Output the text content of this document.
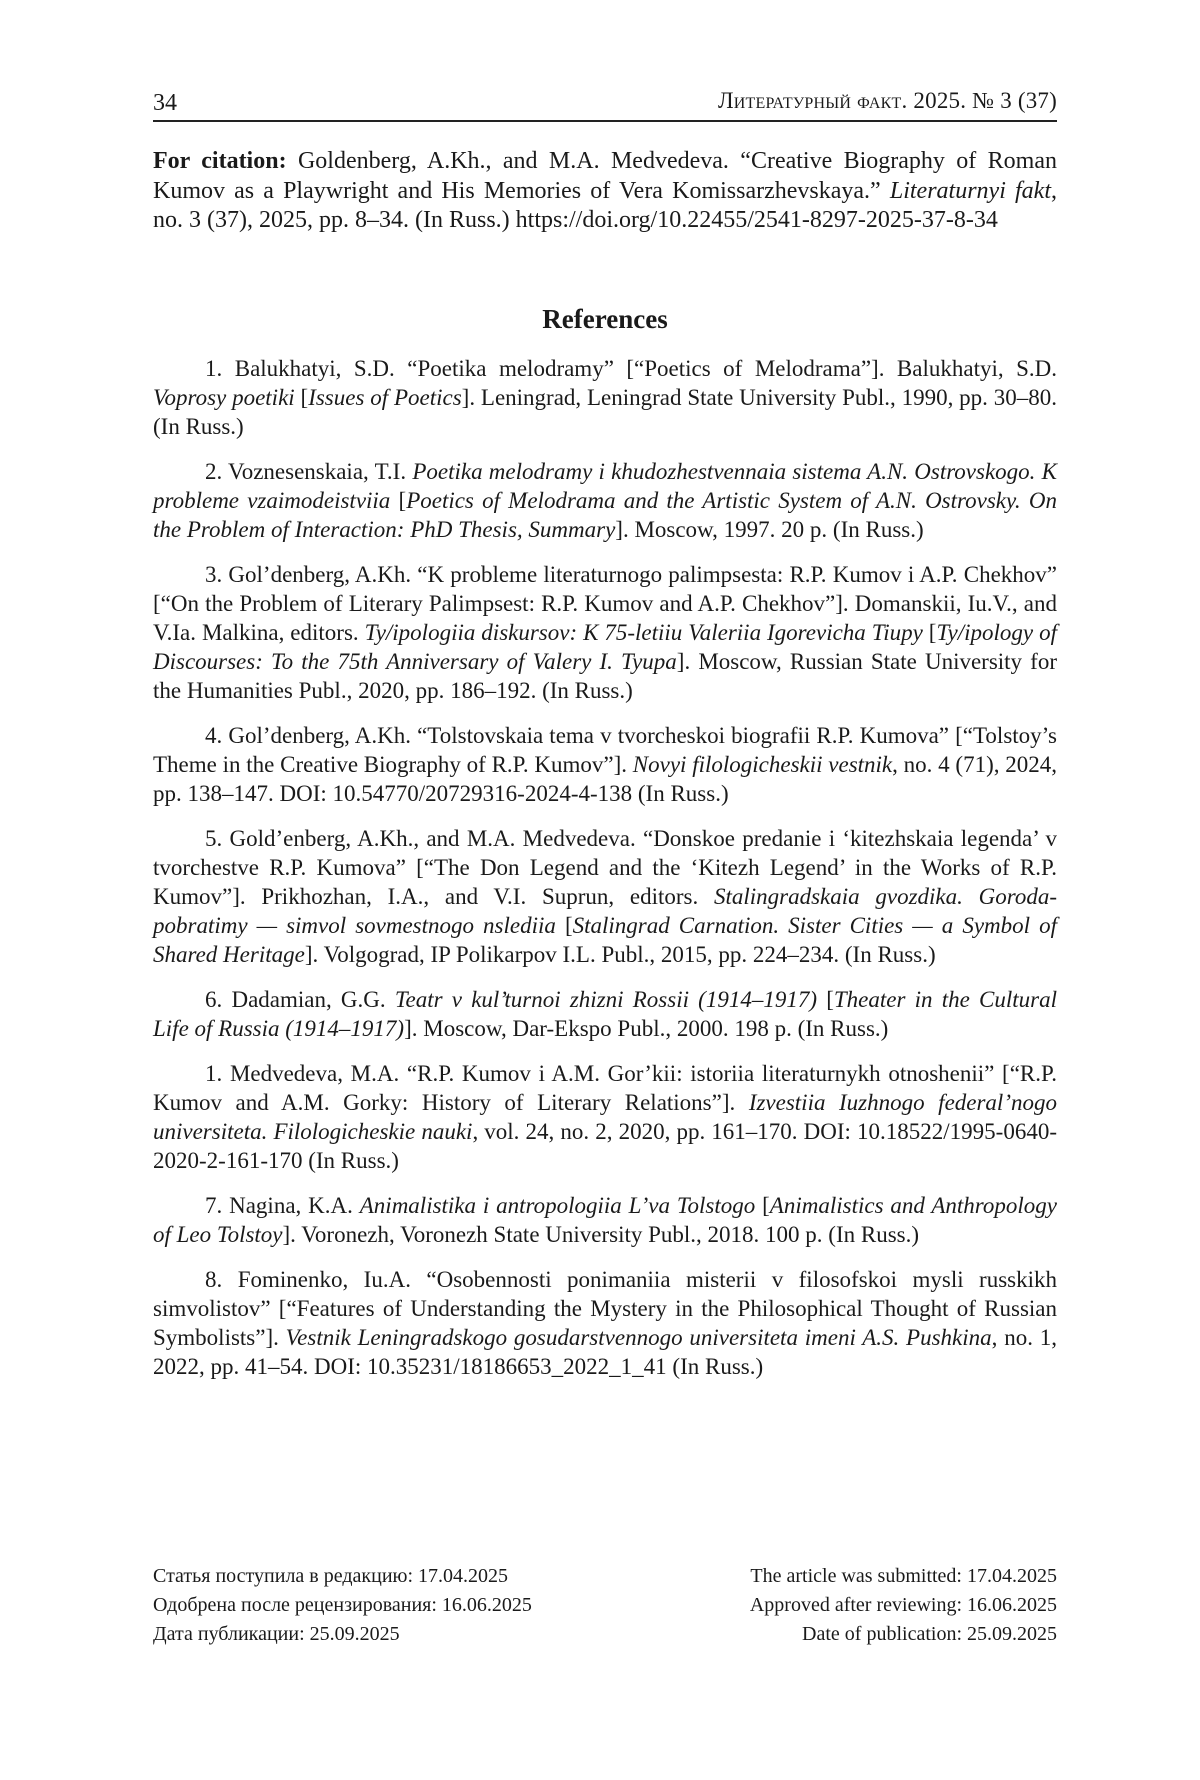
34	Литературный факт. 2025. № 3 (37)
For citation: Goldenberg, A.Kh., and M.A. Medvedeva. “Creative Biography of Roman Kumov as a Playwright and His Memories of Vera Komissarzhevskaya.” Literaturnyi fakt, no. 3 (37), 2025, pp. 8–34. (In Russ.) https://doi.org/10.22455/2541-8297-2025-37-8-34
References

1. Balukhatyi, S.D. “Poetika melodramy” [“Poetics of Melodrama”]. Balukhatyi, S.D. Voprosy poetiki [Issues of Poetics]. Leningrad, Leningrad State University Publ., 1990, pp. 30–80. (In Russ.)

2. Voznesenskaia, T.I. Poetika melodramy i khudozhestvennaia sistema A.N. Ostrovskogo. K probleme vzaimodeistviia [Poetics of Melodrama and the Artistic System of A.N. Ostrovsky. On the Problem of Interaction: PhD Thesis, Summary]. Moscow, 1997. 20 p. (In Russ.)

3. Gol’denberg, A.Kh. “K probleme literaturnogo palimpsesta: R.P. Kumov i A.P. Chekhov” [“On the Problem of Literary Palimpsest: R.P. Kumov and A.P. Chekhov”]. Domanskii, Iu.V., and V.Ia. Malkina, editors. Ty/ipologiia diskursov: K 75-letiiu Valeriia Igorevicha Tiupy [Ty/ipology of Discourses: To the 75th Anniversary of Valery I. Tyupa]. Moscow, Russian State University for the Humanities Publ., 2020, pp. 186–192. (In Russ.)

4. Gol’denberg, A.Kh. “Tolstovskaia tema v tvorcheskoi biografii R.P. Kumova” [“Tolstoy’s Theme in the Creative Biography of R.P. Kumov”]. Novyi filologicheskii vestnik, no. 4 (71), 2024, pp. 138–147. DOI: 10.54770/20729316-2024-4-138 (In Russ.)

5. Gold’enberg, A.Kh., and M.A. Medvedeva. “Donskoe predanie i ‘kitezhskaia legenda’ v tvorchestve R.P. Kumova” [“The Don Legend and the ‘Kitezh Legend’ in the Works of R.P. Kumov”]. Prikhozhan, I.A., and V.I. Suprun, editors. Stalingradskaia gvozdika. Goroda-pobratimy — simvol sovmestnogo nslediia [Stalingrad Carnation. Sister Cities — a Symbol of Shared Heritage]. Volgograd, IP Polikarpov I.L. Publ., 2015, pp. 224–234. (In Russ.)

6. Dadamian, G.G. Teatr v kul’turnoi zhizni Rossii (1914–1917) [Theater in the Cultural Life of Russia (1914–1917)]. Moscow, Dar-Ekspo Publ., 2000. 198 p. (In Russ.)

1. Medvedeva, M.A. “R.P. Kumov i A.M. Gor’kii: istoriia literaturnykh otnoshenii” [“R.P. Kumov and A.M. Gorky: History of Literary Relations”]. Izvestiia Iuzhnogo federal’nogo universiteta. Filologicheskie nauki, vol. 24, no. 2, 2020, pp. 161–170. DOI: 10.18522/1995-0640-2020-2-161-170 (In Russ.)

7. Nagina, K.A. Animalistika i antropologiia L’va Tolstogo [Animalistics and Anthropology of Leo Tolstoy]. Voronezh, Voronezh State University Publ., 2018. 100 p. (In Russ.)

8. Fominenko, Iu.A. “Osobennosti ponimaniia misterii v filosofskoi mysli russkikh simvolistov” [“Features of Understanding the Mystery in the Philosophical Thought of Russian Symbolists”]. Vestnik Leningradskogo gosudarstvennogo universiteta imeni A.S. Pushkina, no. 1, 2022, pp. 41–54. DOI: 10.35231/18186653_2022_1_41 (In Russ.)

Статья поступила в редакцию: 17.04.2025
Одобрена после рецензирования: 16.06.2025
Дата публикации: 25.09.2025
The article was submitted: 17.04.2025
Approved after reviewing: 16.06.2025
Date of publication: 25.09.2025
